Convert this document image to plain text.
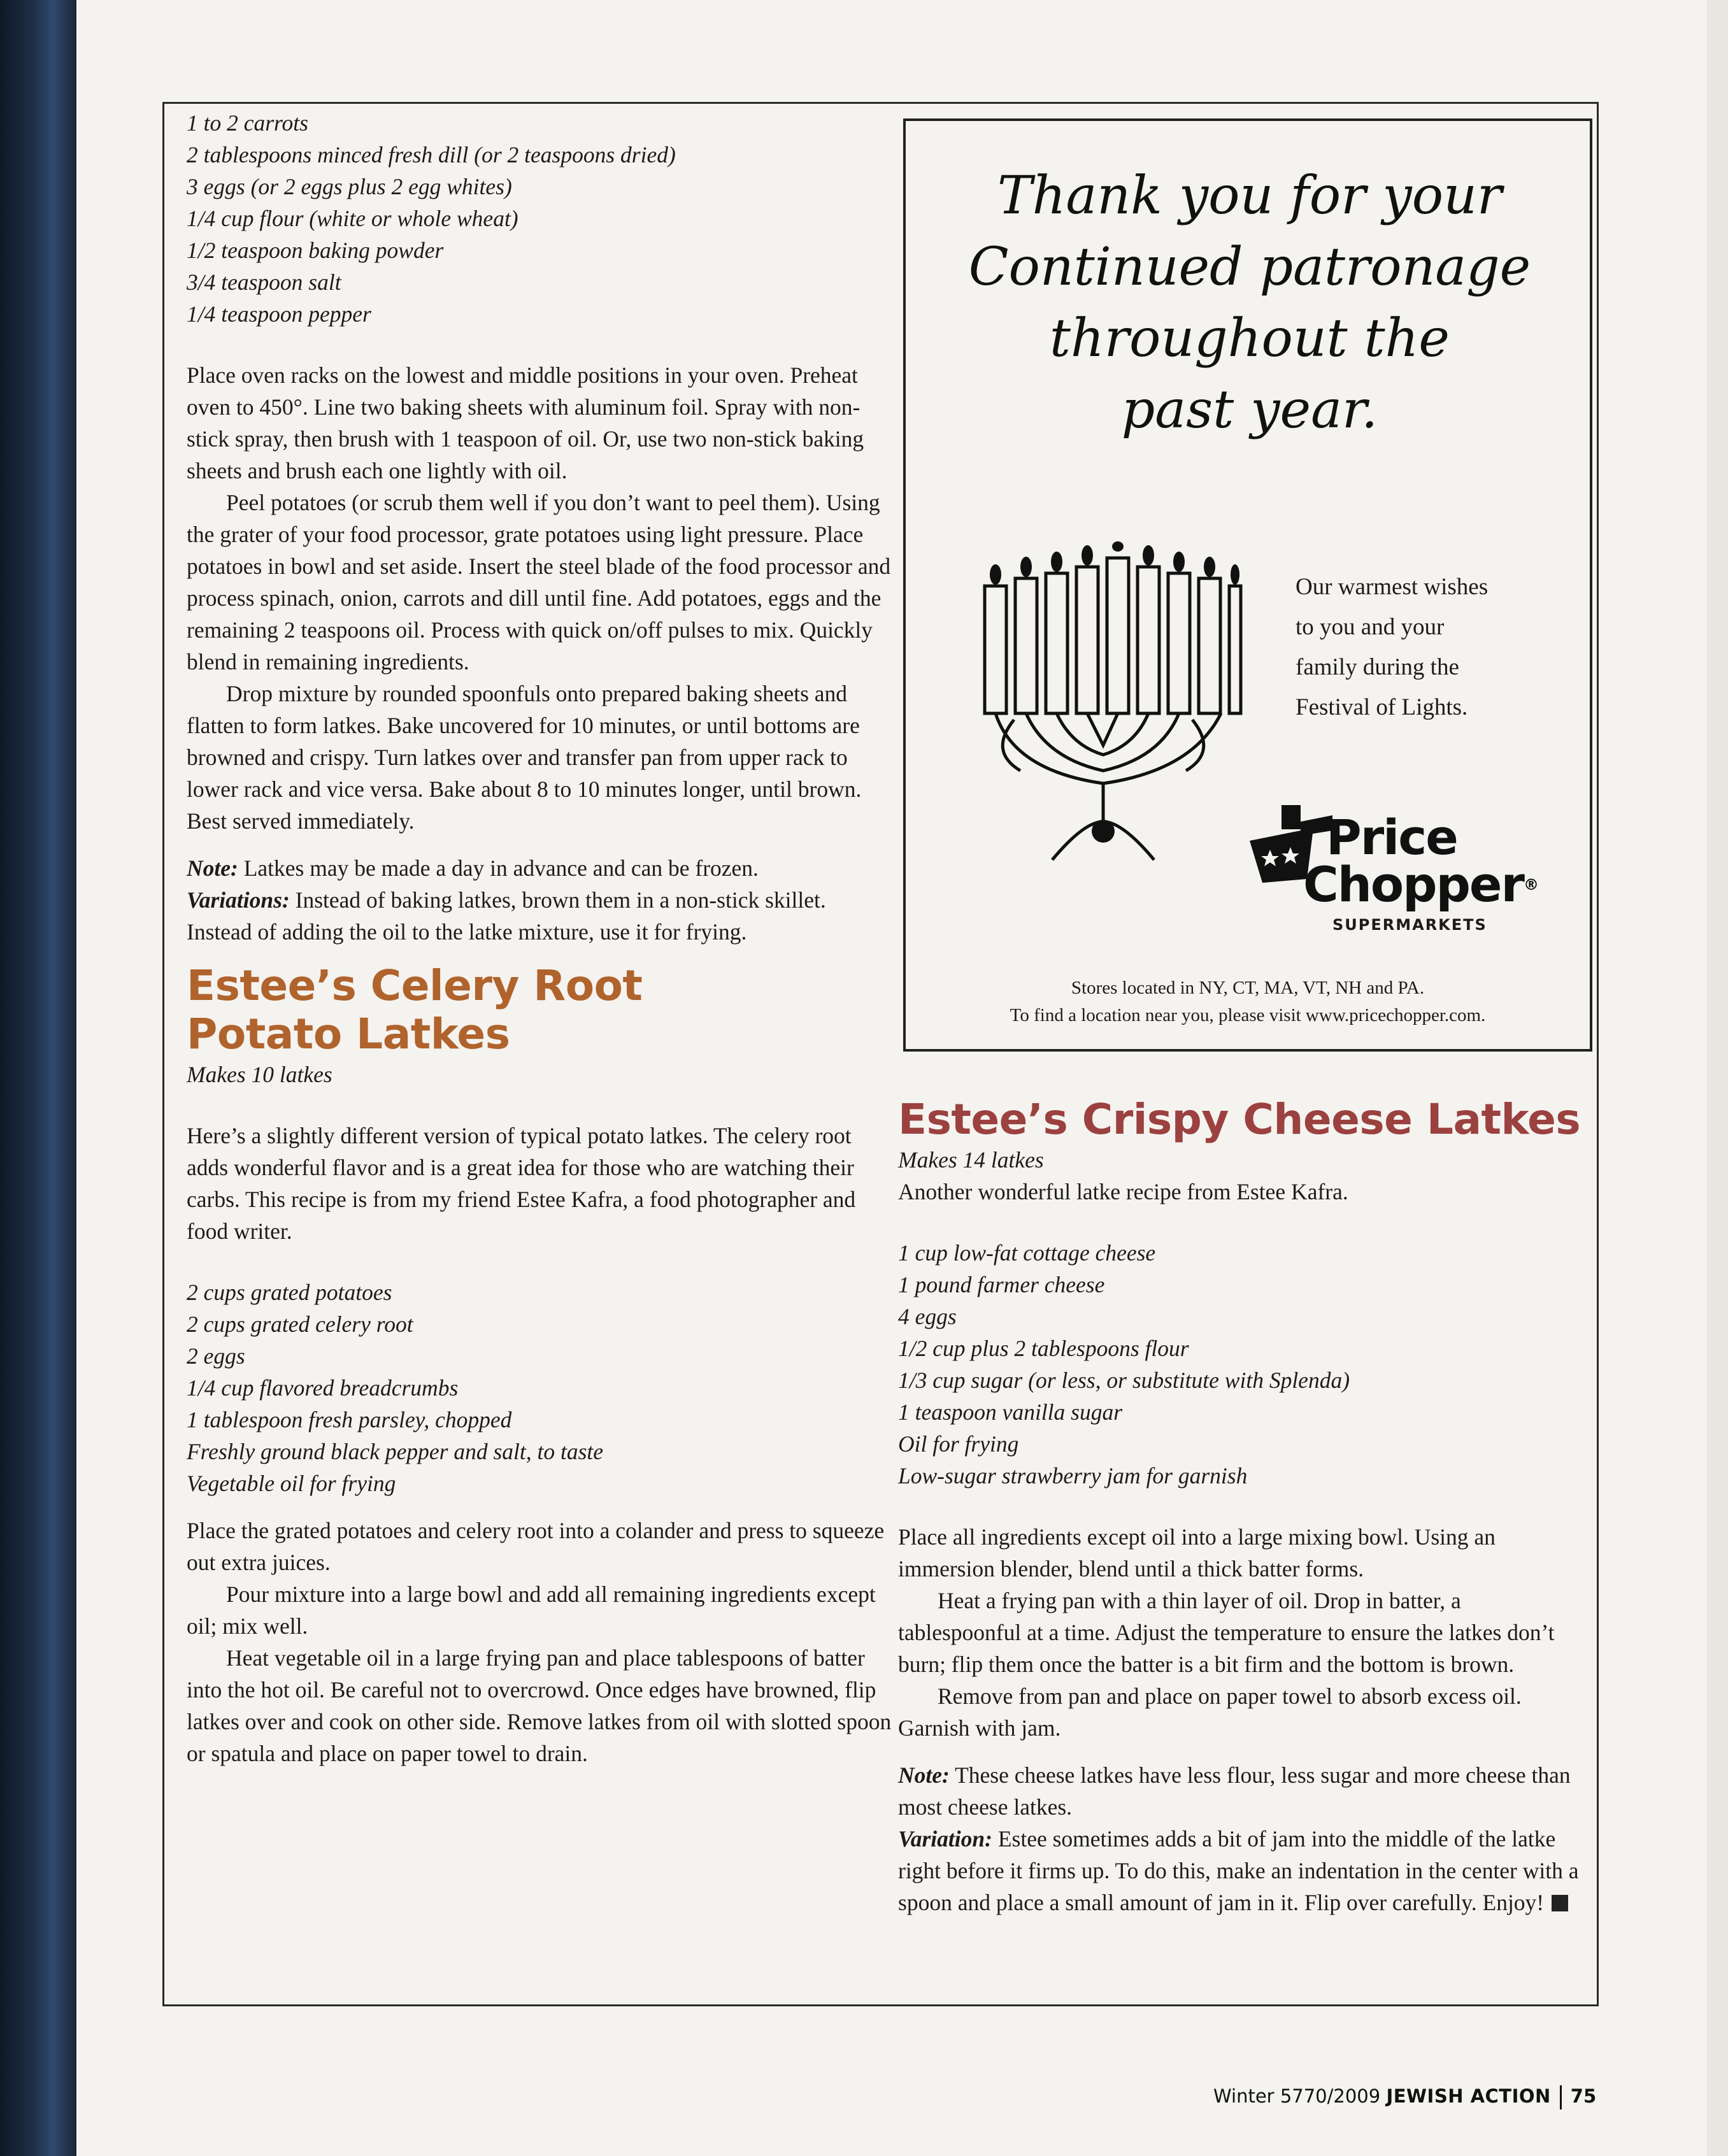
1 to 2 carrots
2 tablespoons minced fresh dill (or 2 teaspoons dried)
3 eggs (or 2 eggs plus 2 egg whites)
1/4 cup flour (white or whole wheat)
1/2 teaspoon baking powder
3/4 teaspoon salt
1/4 teaspoon pepper

Place oven racks on the lowest and middle positions in your oven. Preheat oven to 450°. Line two baking sheets with aluminum foil. Spray with non-stick spray, then brush with 1 teaspoon of oil. Or, use two non-stick baking sheets and brush each one lightly with oil.

Peel potatoes (or scrub them well if you don’t want to peel them). Using the grater of your food processor, grate potatoes using light pressure. Place potatoes in bowl and set aside. Insert the steel blade of the food processor and process spinach, onion, carrots and dill until fine. Add potatoes, eggs and the remaining 2 teaspoons oil. Process with quick on/off pulses to mix. Quickly blend in remaining ingredients.

Drop mixture by rounded spoonfuls onto prepared baking sheets and flatten to form latkes. Bake uncovered for 10 minutes, or until bottoms are browned and crispy. Turn latkes over and transfer pan from upper rack to lower rack and vice versa. Bake about 8 to 10 minutes longer, until brown. Best served immediately.

Note: Latkes may be made a day in advance and can be frozen.

Variations: Instead of baking latkes, brown them in a non-stick skillet. Instead of adding the oil to the latke mixture, use it for frying.

Estee’s Celery Root
Potato Latkes

Makes 10 latkes

Here’s a slightly different version of typical potato latkes. The celery root adds wonderful flavor and is a great idea for those who are watching their carbs. This recipe is from my friend Estee Kafra, a food photographer and food writer.

2 cups grated potatoes
2 cups grated celery root
2 eggs
1/4 cup flavored breadcrumbs
1 tablespoon fresh parsley, chopped
Freshly ground black pepper and salt, to taste
Vegetable oil for frying

Place the grated potatoes and celery root into a colander and press to squeeze out extra juices.

Pour mixture into a large bowl and add all remaining ingredients except oil; mix well.

Heat vegetable oil in a large frying pan and place tablespoons of batter into the hot oil. Be careful not to overcrowd. Once edges have browned, flip latkes over and cook on other side. Remove latkes from oil with slotted spoon or spatula and place on paper towel to drain.

Thank you for your
Continued patronage
throughout the
past year.
Our warmest wishes
to you and your
family during the
Festival of Lights.
Price
Chopper®
SUPERMARKETS
Stores located in NY, CT, MA, VT, NH and PA.
To find a location near you, please visit www.pricechopper.com.
Estee’s Crispy Cheese Latkes

Makes 14 latkes

Another wonderful latke recipe from Estee Kafra.

1 cup low-fat cottage cheese
1 pound farmer cheese
4 eggs
1/2 cup plus 2 tablespoons flour
1/3 cup sugar (or less, or substitute with Splenda)
1 teaspoon vanilla sugar
Oil for frying
Low-sugar strawberry jam for garnish

Place all ingredients except oil into a large mixing bowl. Using an immersion blender, blend until a thick batter forms.

Heat a frying pan with a thin layer of oil. Drop in batter, a tablespoonful at a time. Adjust the temperature to ensure the latkes don’t burn; flip them once the batter is a bit firm and the bottom is brown.

Remove from pan and place on paper towel to absorb excess oil. Garnish with jam.

Note: These cheese latkes have less flour, less sugar and more cheese than most cheese latkes.

Variation: Estee sometimes adds a bit of jam into the middle of the latke right before it firms up. To do this, make an indentation in the center with a spoon and place a small amount of jam in it. Flip over carefully. Enjoy!

Winter 5770/2009 JEWISH ACTION 75
